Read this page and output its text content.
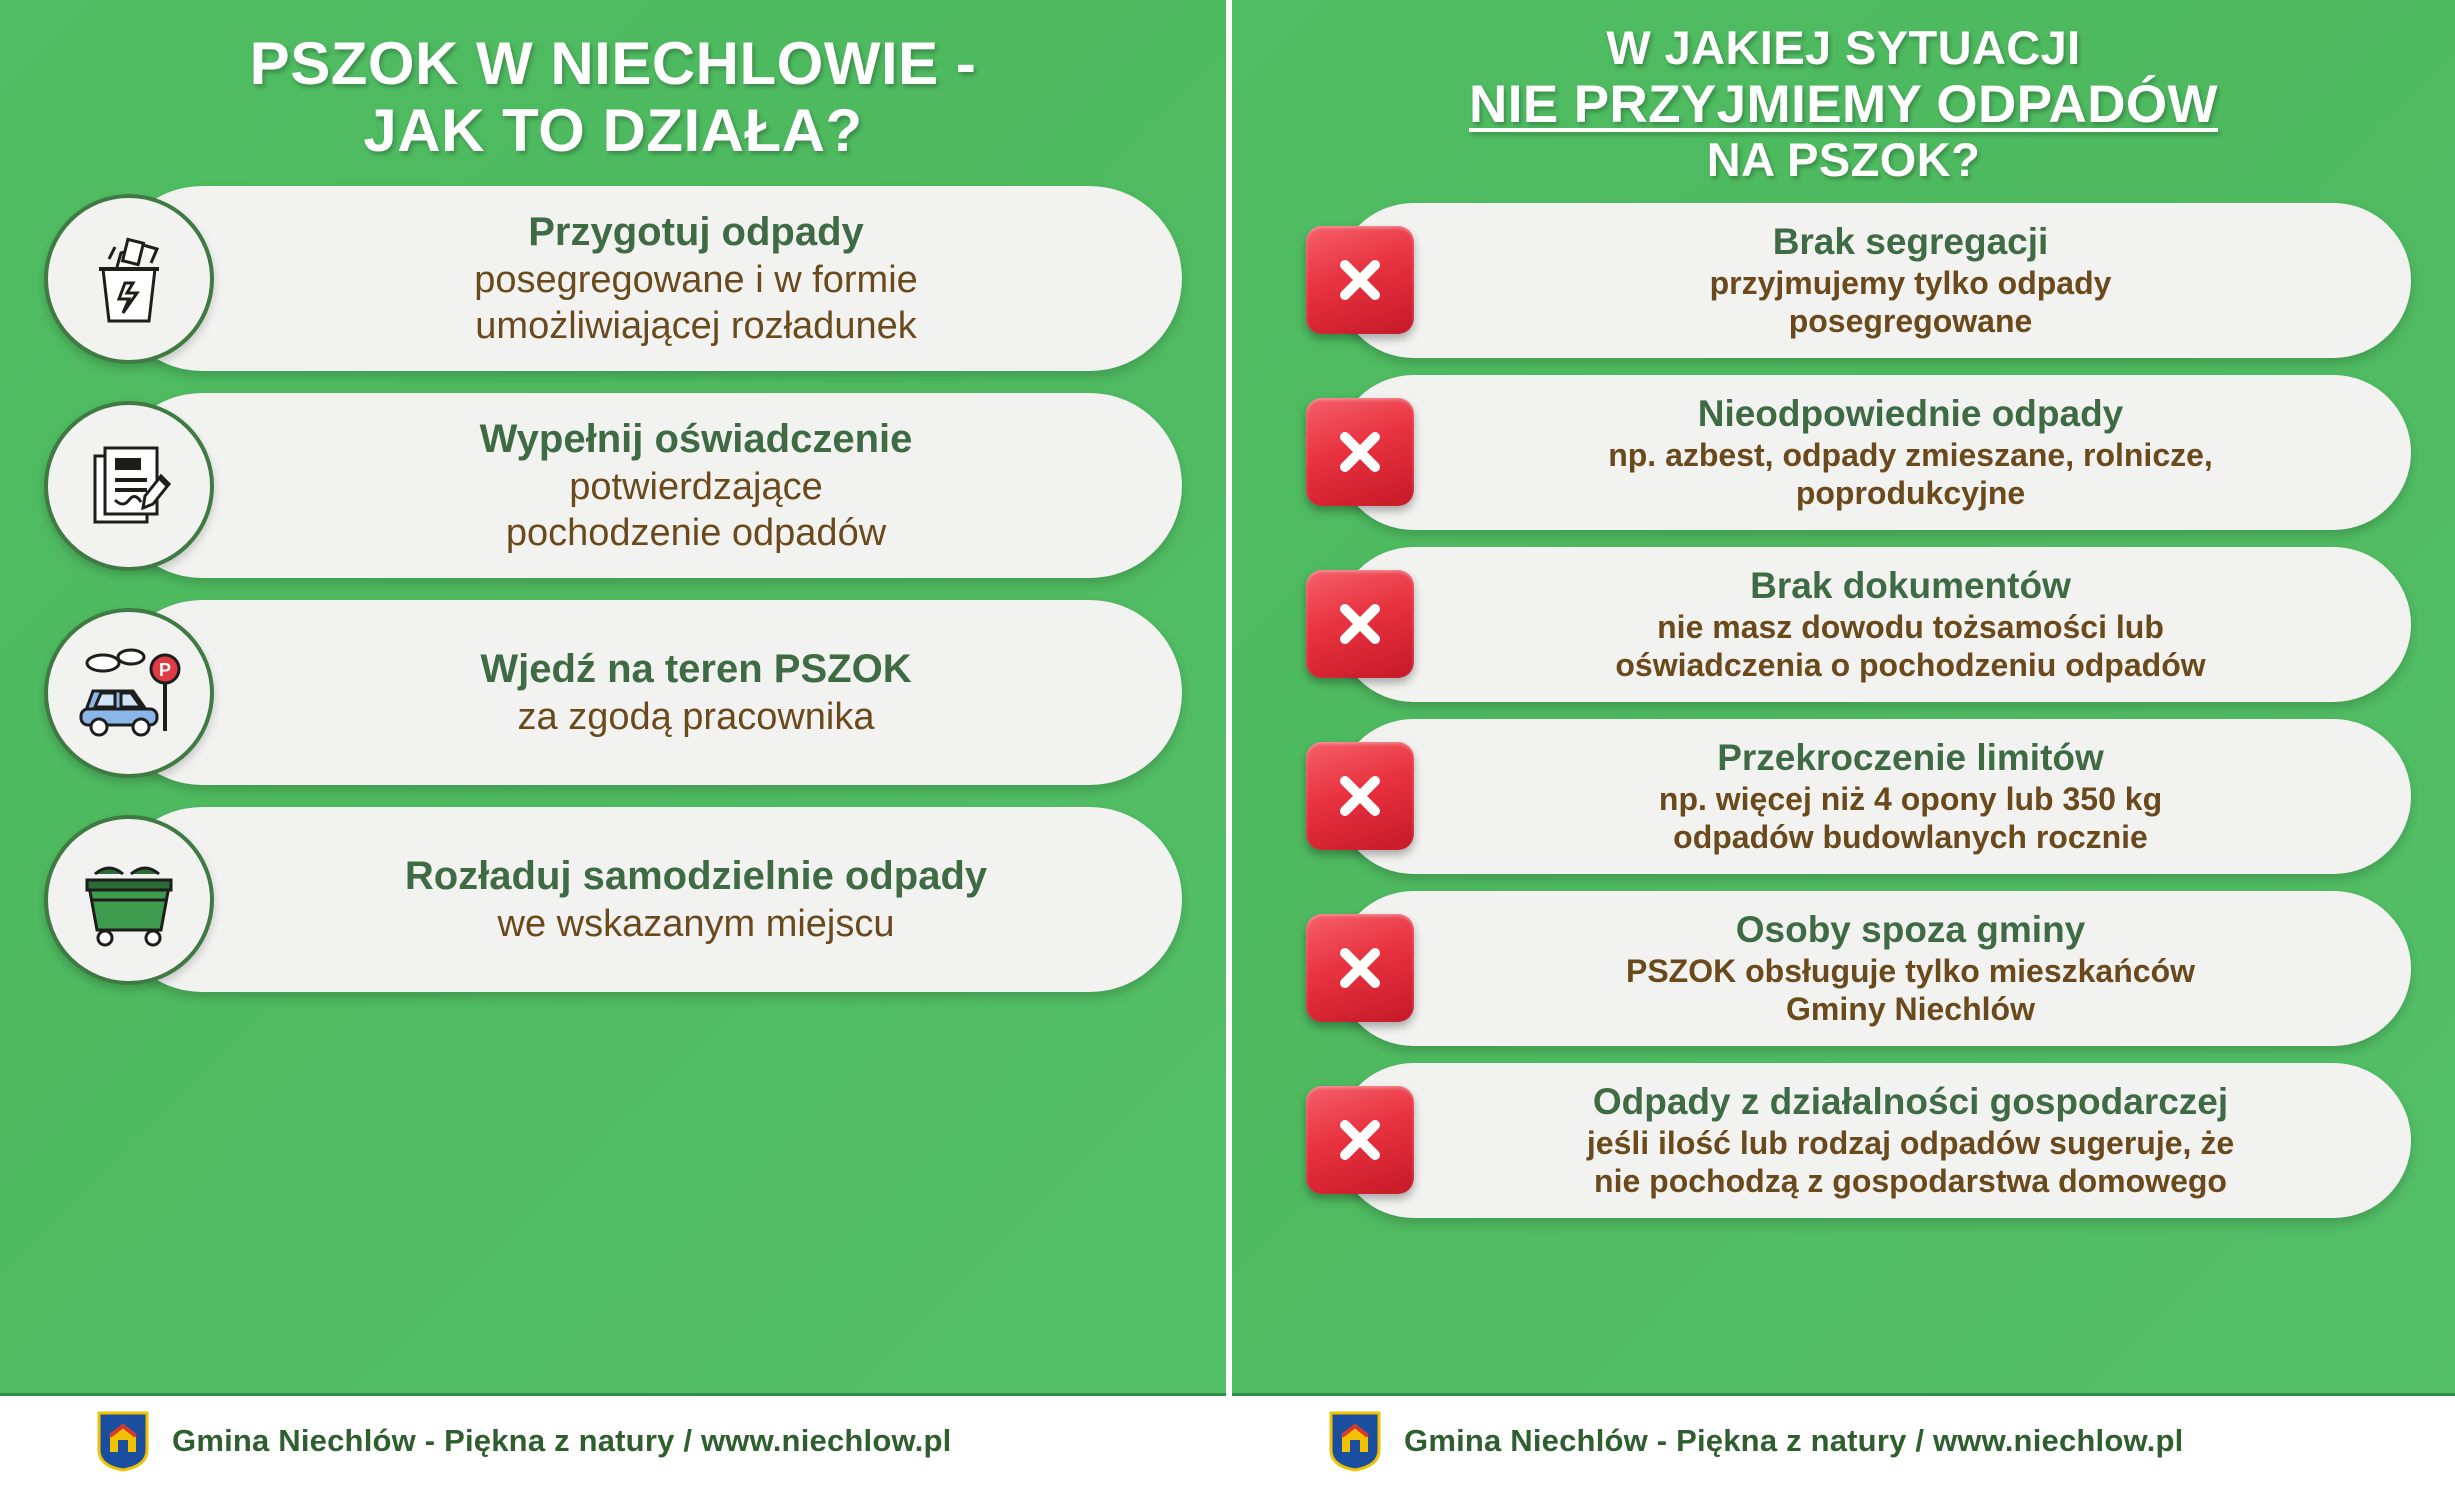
PSZOK W NIECHLOWIE -
JAK TO DZIAŁA?
Przygotuj odpady
posegregowane i w formie
umożliwiającej rozładunek
Wypełnij oświadczenie
potwierdzające
pochodzenie odpadów
P	Wjedź na teren PSZOK
za zgodą pracownika
Rozładuj samodzielnie odpady
we wskazanym miejscu
Gmina Niechlów - Piękna z natury / www.niechlow.pl
W JAKIEJ SYTUACJI
NIE PRZYJMIEMY ODPADÓW
NA PSZOK?
Brak segregacji
przyjmujemy tylko odpady
posegregowane
Nieodpowiednie odpady
np. azbest, odpady zmieszane, rolnicze,
poprodukcyjne
Brak dokumentów
nie masz dowodu tożsamości lub
oświadczenia o pochodzeniu odpadów
Przekroczenie limitów
np. więcej niż 4 opony lub 350 kg
odpadów budowlanych rocznie
Osoby spoza gminy
PSZOK obsługuje tylko mieszkańców
Gminy Niechlów
Odpady z działalności gospodarczej
jeśli ilość lub rodzaj odpadów sugeruje, że
nie pochodzą z gospodarstwa domowego
Gmina Niechlów - Piękna z natury / www.niechlow.pl
